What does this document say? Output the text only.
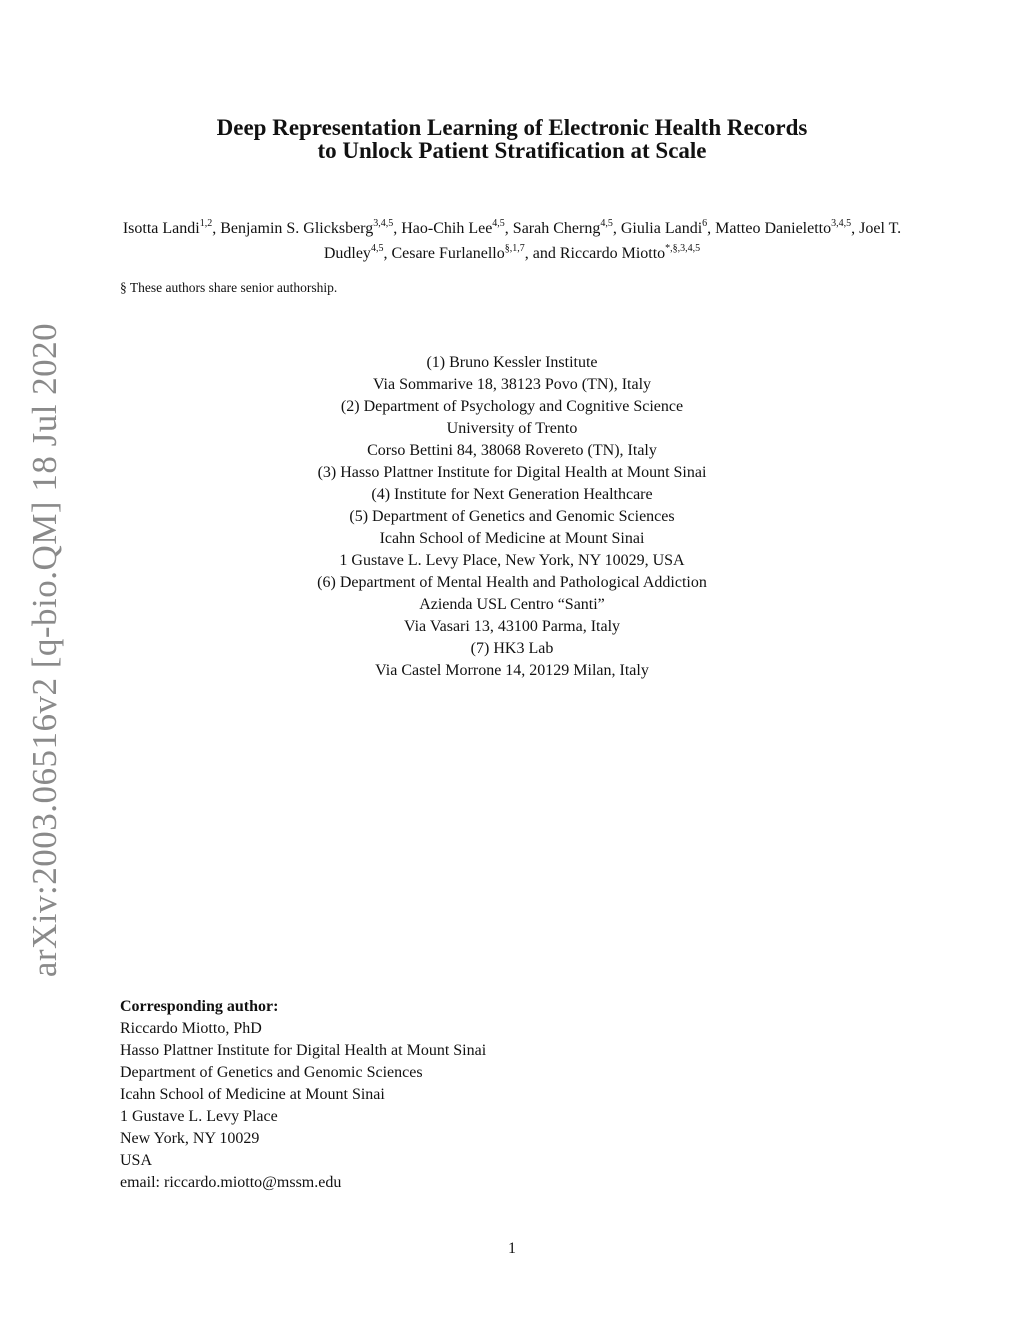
arXiv:2003.06516v2 [q-bio.QM] 18 Jul 2020
Deep Representation Learning of Electronic Health Records
to Unlock Patient Stratification at Scale
Isotta Landi$^{1,2}$, Benjamin S. Glicksberg$^{3,4,5}$, Hao-Chih Lee$^{4,5}$, Sarah Cherng$^{4,5}$, Giulia Landi$^6$, Matteo Danieletto$^{3,4,5}$, Joel T. Dudley$^{4,5}$, Cesare Furlanello$^{\S,1,7}$, and Riccardo Miotto$^{*,\S,3,4,5}$
§ These authors share senior authorship.
(1) Bruno Kessler Institute
Via Sommarive 18, 38123 Povo (TN), Italy
(2) Department of Psychology and Cognitive Science
University of Trento
Corso Bettini 84, 38068 Rovereto (TN), Italy
(3) Hasso Plattner Institute for Digital Health at Mount Sinai
(4) Institute for Next Generation Healthcare
(5) Department of Genetics and Genomic Sciences
Icahn School of Medicine at Mount Sinai
1 Gustave L. Levy Place, New York, NY 10029, USA
(6) Department of Mental Health and Pathological Addiction
Azienda USL Centro “Santi”
Via Vasari 13, 43100 Parma, Italy
(7) HK3 Lab
Via Castel Morrone 14, 20129 Milan, Italy
Corresponding author:
Riccardo Miotto, PhD
Hasso Plattner Institute for Digital Health at Mount Sinai
Department of Genetics and Genomic Sciences
Icahn School of Medicine at Mount Sinai
1 Gustave L. Levy Place
New York, NY 10029
USA
email: riccardo.miotto@mssm.edu
1
